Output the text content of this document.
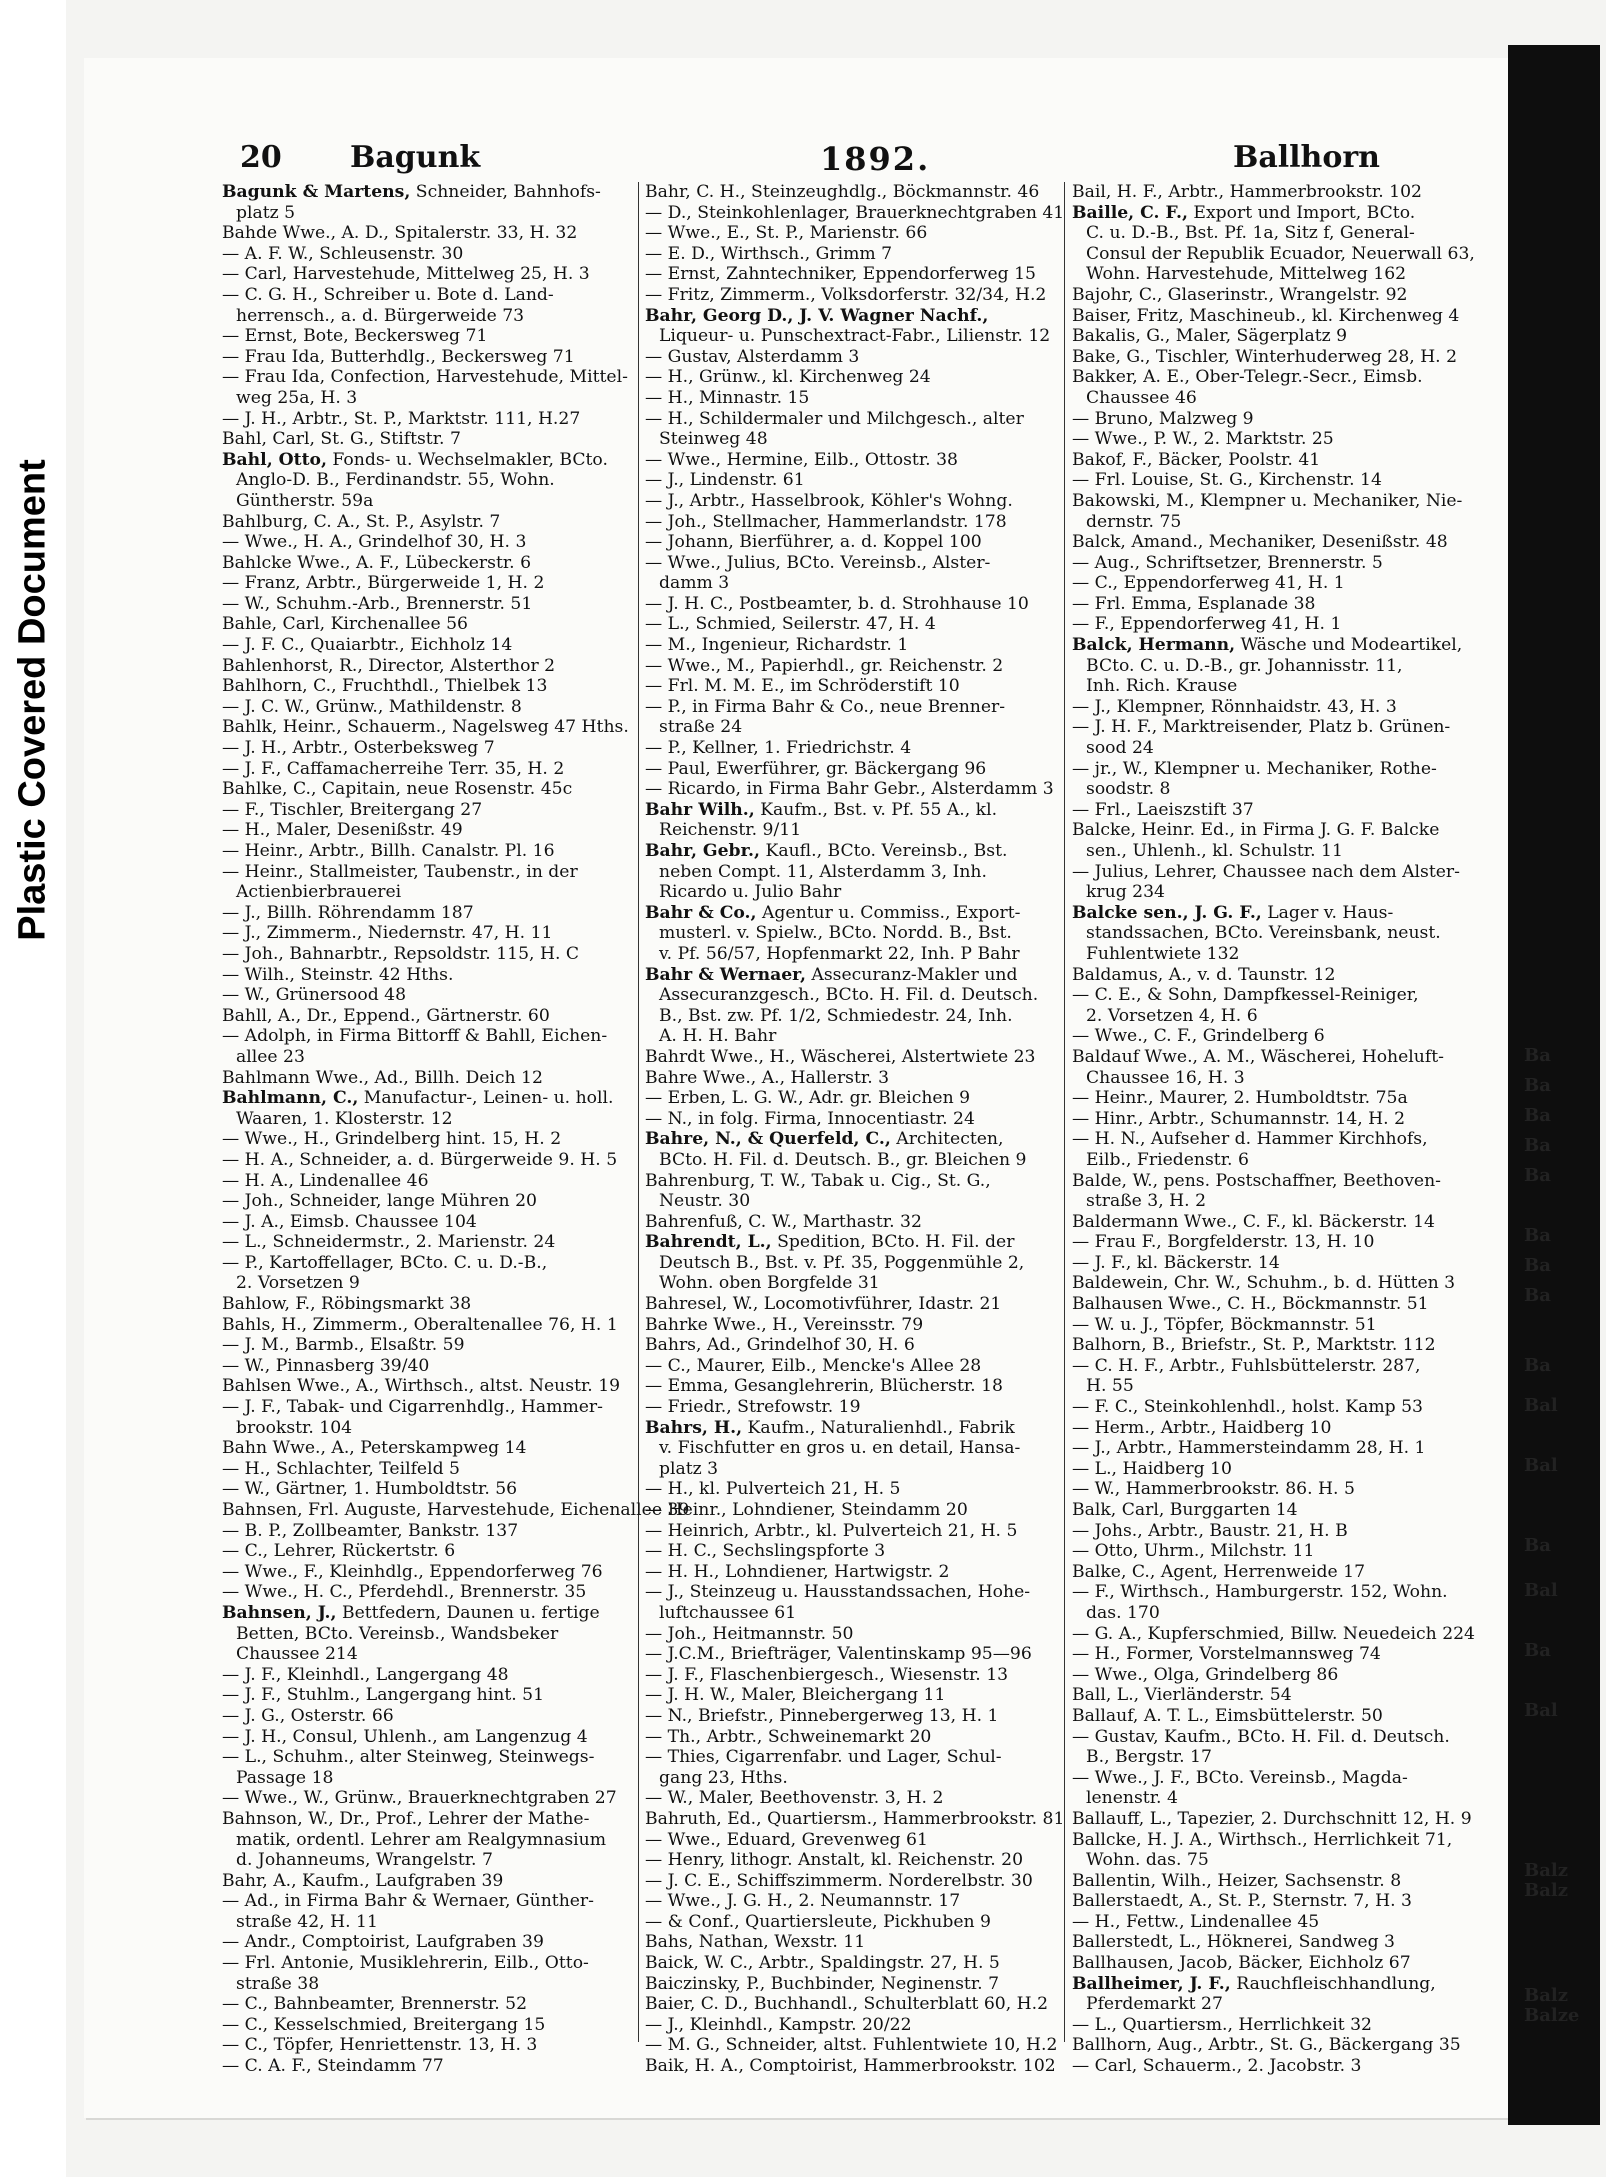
Plastic Covered Document
20 Bagunk	1892.	Ballhorn
Bagunk & Martens, Schneider, Bahnhofs-
platz 5
Bahde Wwe., A. D., Spitalerstr. 33, H. 32
— A. F. W., Schleusenstr. 30
— Carl, Harvestehude, Mittelweg 25, H. 3
— C. G. H., Schreiber u. Bote d. Land-
herrensch., a. d. Bürgerweide 73
— Ernst, Bote, Beckersweg 71
— Frau Ida, Butterhdlg., Beckersweg 71
— Frau Ida, Confection, Harvestehude, Mittel-
weg 25a, H. 3
— J. H., Arbtr., St. P., Marktstr. 111, H.27
Bahl, Carl, St. G., Stiftstr. 7
Bahl, Otto, Fonds- u. Wechselmakler, BCto.
Anglo-D. B., Ferdinandstr. 55, Wohn.
Güntherstr. 59a
Bahlburg, C. A., St. P., Asylstr. 7
— Wwe., H. A., Grindelhof 30, H. 3
Bahlcke Wwe., A. F., Lübeckerstr. 6
— Franz, Arbtr., Bürgerweide 1, H. 2
— W., Schuhm.-Arb., Brennerstr. 51
Bahle, Carl, Kirchenallee 56
— J. F. C., Quaiarbtr., Eichholz 14
Bahlenhorst, R., Director, Alsterthor 2
Bahlhorn, C., Fruchthdl., Thielbek 13
— J. C. W., Grünw., Mathildenstr. 8
Bahlk, Heinr., Schauerm., Nagelsweg 47 Hths.
— J. H., Arbtr., Osterbeksweg 7
— J. F., Caffamacherreihe Terr. 35, H. 2
Bahlke, C., Capitain, neue Rosenstr. 45c
— F., Tischler, Breitergang 27
— H., Maler, Desenißstr. 49
— Heinr., Arbtr., Billh. Canalstr. Pl. 16
— Heinr., Stallmeister, Taubenstr., in der
Actienbierbrauerei
— J., Billh. Röhrendamm 187
— J., Zimmerm., Niedernstr. 47, H. 11
— Joh., Bahnarbtr., Repsoldstr. 115, H. C
— Wilh., Steinstr. 42 Hths.
— W., Grünersood 48
Bahll, A., Dr., Eppend., Gärtnerstr. 60
— Adolph, in Firma Bittorff & Bahll, Eichen-
allee 23
Bahlmann Wwe., Ad., Billh. Deich 12
Bahlmann, C., Manufactur-, Leinen- u. holl.
Waaren, 1. Klosterstr. 12
— Wwe., H., Grindelberg hint. 15, H. 2
— H. A., Schneider, a. d. Bürgerweide 9. H. 5
— H. A., Lindenallee 46
— Joh., Schneider, lange Mühren 20
— J. A., Eimsb. Chaussee 104
— L., Schneidermstr., 2. Marienstr. 24
— P., Kartoffellager, BCto. C. u. D.-B.,
2. Vorsetzen 9
Bahlow, F., Röbingsmarkt 38
Bahls, H., Zimmerm., Oberaltenallee 76, H. 1
— J. M., Barmb., Elsaßtr. 59
— W., Pinnasberg 39/40
Bahlsen Wwe., A., Wirthsch., altst. Neustr. 19
— J. F., Tabak- und Cigarrenhdlg., Hammer-
brookstr. 104
Bahn Wwe., A., Peterskampweg 14
— H., Schlachter, Teilfeld 5
— W., Gärtner, 1. Humboldtstr. 56
Bahnsen, Frl. Auguste, Harvestehude, Eichenallee 39
— B. P., Zollbeamter, Bankstr. 137
— C., Lehrer, Rückertstr. 6
— Wwe., F., Kleinhdlg., Eppendorferweg 76
— Wwe., H. C., Pferdehdl., Brennerstr. 35
Bahnsen, J., Bettfedern, Daunen u. fertige
Betten, BCto. Vereinsb., Wandsbeker
Chaussee 214
— J. F., Kleinhdl., Langergang 48
— J. F., Stuhlm., Langergang hint. 51
— J. G., Osterstr. 66
— J. H., Consul, Uhlenh., am Langenzug 4
— L., Schuhm., alter Steinweg, Steinwegs-
Passage 18
— Wwe., W., Grünw., Brauerknechtgraben 27
Bahnson, W., Dr., Prof., Lehrer der Mathe-
matik, ordentl. Lehrer am Realgymnasium
d. Johanneums, Wrangelstr. 7
Bahr, A., Kaufm., Laufgraben 39
— Ad., in Firma Bahr & Wernaer, Günther-
straße 42, H. 11
— Andr., Comptoirist, Laufgraben 39
— Frl. Antonie, Musiklehrerin, Eilb., Otto-
straße 38
— C., Bahnbeamter, Brennerstr. 52
— C., Kesselschmied, Breitergang 15
— C., Töpfer, Henriettenstr. 13, H. 3
— C. A. F., Steindamm 77
Bahr, C. H., Steinzeughdlg., Böckmannstr. 46
— D., Steinkohlenlager, Brauerknechtgraben 41
— Wwe., E., St. P., Marienstr. 66
— E. D., Wirthsch., Grimm 7
— Ernst, Zahntechniker, Eppendorferweg 15
— Fritz, Zimmerm., Volksdorferstr. 32/34, H.2
Bahr, Georg D., J. V. Wagner Nachf.,
Liqueur- u. Punschextract-Fabr., Lilienstr. 12
— Gustav, Alsterdamm 3
— H., Grünw., kl. Kirchenweg 24
— H., Minnastr. 15
— H., Schildermaler und Milchgesch., alter
Steinweg 48
— Wwe., Hermine, Eilb., Ottostr. 38
— J., Lindenstr. 61
— J., Arbtr., Hasselbrook, Köhler's Wohng.
— Joh., Stellmacher, Hammerlandstr. 178
— Johann, Bierführer, a. d. Koppel 100
— Wwe., Julius, BCto. Vereinsb., Alster-
damm 3
— J. H. C., Postbeamter, b. d. Strohhause 10
— L., Schmied, Seilerstr. 47, H. 4
— M., Ingenieur, Richardstr. 1
— Wwe., M., Papierhdl., gr. Reichenstr. 2
— Frl. M. M. E., im Schröderstift 10
— P., in Firma Bahr & Co., neue Brenner-
straße 24
— P., Kellner, 1. Friedrichstr. 4
— Paul, Ewerführer, gr. Bäckergang 96
— Ricardo, in Firma Bahr Gebr., Alsterdamm 3
Bahr Wilh., Kaufm., Bst. v. Pf. 55 A., kl.
Reichenstr. 9/11
Bahr, Gebr., Kaufl., BCto. Vereinsb., Bst.
neben Compt. 11, Alsterdamm 3, Inh.
Ricardo u. Julio Bahr
Bahr & Co., Agentur u. Commiss., Export-
musterl. v. Spielw., BCto. Nordd. B., Bst.
v. Pf. 56/57, Hopfenmarkt 22, Inh. P Bahr
Bahr & Wernaer, Assecuranz-Makler und
Assecuranzgesch., BCto. H. Fil. d. Deutsch.
B., Bst. zw. Pf. 1/2, Schmiedestr. 24, Inh.
A. H. H. Bahr
Bahrdt Wwe., H., Wäscherei, Alstertwiete 23
Bahre Wwe., A., Hallerstr. 3
— Erben, L. G. W., Adr. gr. Bleichen 9
— N., in folg. Firma, Innocentiastr. 24
Bahre, N., & Querfeld, C., Architecten,
BCto. H. Fil. d. Deutsch. B., gr. Bleichen 9
Bahrenburg, T. W., Tabak u. Cig., St. G.,
Neustr. 30
Bahrenfuß, C. W., Marthastr. 32
Bahrendt, L., Spedition, BCto. H. Fil. der
Deutsch B., Bst. v. Pf. 35, Poggenmühle 2,
Wohn. oben Borgfelde 31
Bahresel, W., Locomotivführer, Idastr. 21
Bahrke Wwe., H., Vereinsstr. 79
Bahrs, Ad., Grindelhof 30, H. 6
— C., Maurer, Eilb., Mencke's Allee 28
— Emma, Gesanglehrerin, Blücherstr. 18
— Friedr., Strefowstr. 19
Bahrs, H., Kaufm., Naturalienhdl., Fabrik
v. Fischfutter en gros u. en detail, Hansa-
platz 3
— H., kl. Pulverteich 21, H. 5
— Heinr., Lohndiener, Steindamm 20
— Heinrich, Arbtr., kl. Pulverteich 21, H. 5
— H. C., Sechslingspforte 3
— H. H., Lohndiener, Hartwigstr. 2
— J., Steinzeug u. Hausstandssachen, Hohe-
luftchaussee 61
— Joh., Heitmannstr. 50
— J.C.M., Briefträger, Valentinskamp 95—96
— J. F., Flaschenbiergesch., Wiesenstr. 13
— J. H. W., Maler, Bleichergang 11
— N., Briefstr., Pinnebergerweg 13, H. 1
— Th., Arbtr., Schweinemarkt 20
— Thies, Cigarrenfabr. und Lager, Schul-
gang 23, Hths.
— W., Maler, Beethovenstr. 3, H. 2
Bahruth, Ed., Quartiersm., Hammerbrookstr. 81
— Wwe., Eduard, Grevenweg 61
— Henry, lithogr. Anstalt, kl. Reichenstr. 20
— J. C. E., Schiffszimmerm. Norderelbstr. 30
— Wwe., J. G. H., 2. Neumannstr. 17
— & Conf., Quartiersleute, Pickhuben 9
Bahs, Nathan, Wexstr. 11
Baick, W. C., Arbtr., Spaldingstr. 27, H. 5
Baiczinsky, P., Buchbinder, Neginenstr. 7
Baier, C. D., Buchhandl., Schulterblatt 60, H.2
— J., Kleinhdl., Kampstr. 20/22
— M. G., Schneider, altst. Fuhlentwiete 10, H.2
Baik, H. A., Comptoirist, Hammerbrookstr. 102
Bail, H. F., Arbtr., Hammerbrookstr. 102
Baille, C. F., Export und Import, BCto.
C. u. D.-B., Bst. Pf. 1a, Sitz f, General-
Consul der Republik Ecuador, Neuerwall 63,
Wohn. Harvestehude, Mittelweg 162
Bajohr, C., Glaserinstr., Wrangelstr. 92
Baiser, Fritz, Maschineub., kl. Kirchenweg 4
Bakalis, G., Maler, Sägerplatz 9
Bake, G., Tischler, Winterhuderweg 28, H. 2
Bakker, A. E., Ober-Telegr.-Secr., Eimsb.
Chaussee 46
— Bruno, Malzweg 9
— Wwe., P. W., 2. Marktstr. 25
Bakof, F., Bäcker, Poolstr. 41
— Frl. Louise, St. G., Kirchenstr. 14
Bakowski, M., Klempner u. Mechaniker, Nie-
dernstr. 75
Balck, Amand., Mechaniker, Desenißstr. 48
— Aug., Schriftsetzer, Brennerstr. 5
— C., Eppendorferweg 41, H. 1
— Frl. Emma, Esplanade 38
— F., Eppendorferweg 41, H. 1
Balck, Hermann, Wäsche und Modeartikel,
BCto. C. u. D.-B., gr. Johannisstr. 11,
Inh. Rich. Krause
— J., Klempner, Rönnhaidstr. 43, H. 3
— J. H. F., Marktreisender, Platz b. Grünen-
sood 24
— jr., W., Klempner u. Mechaniker, Rothe-
soodstr. 8
— Frl., Laeiszstift 37
Balcke, Heinr. Ed., in Firma J. G. F. Balcke
sen., Uhlenh., kl. Schulstr. 11
— Julius, Lehrer, Chaussee nach dem Alster-
krug 234
Balcke sen., J. G. F., Lager v. Haus-
standssachen, BCto. Vereinsbank, neust.
Fuhlentwiete 132
Baldamus, A., v. d. Taunstr. 12
— C. E., & Sohn, Dampfkessel-Reiniger,
2. Vorsetzen 4, H. 6
— Wwe., C. F., Grindelberg 6
Baldauf Wwe., A. M., Wäscherei, Hoheluft-
Chaussee 16, H. 3
— Heinr., Maurer, 2. Humboldtstr. 75a
— Hinr., Arbtr., Schumannstr. 14, H. 2
— H. N., Aufseher d. Hammer Kirchhofs,
Eilb., Friedenstr. 6
Balde, W., pens. Postschaffner, Beethoven-
straße 3, H. 2
Baldermann Wwe., C. F., kl. Bäckerstr. 14
— Frau F., Borgfelderstr. 13, H. 10
— J. F., kl. Bäckerstr. 14
Baldewein, Chr. W., Schuhm., b. d. Hütten 3
Balhausen Wwe., C. H., Böckmannstr. 51
— W. u. J., Töpfer, Böckmannstr. 51
Balhorn, B., Briefstr., St. P., Marktstr. 112
— C. H. F., Arbtr., Fuhlsbüttelerstr. 287,
H. 55
— F. C., Steinkohlenhdl., holst. Kamp 53
— Herm., Arbtr., Haidberg 10
— J., Arbtr., Hammersteindamm 28, H. 1
— L., Haidberg 10
— W., Hammerbrookstr. 86. H. 5
Balk, Carl, Burggarten 14
— Johs., Arbtr., Baustr. 21, H. B
— Otto, Uhrm., Milchstr. 11
Balke, C., Agent, Herrenweide 17
— F., Wirthsch., Hamburgerstr. 152, Wohn.
das. 170
— G. A., Kupferschmied, Billw. Neuedeich 224
— H., Former, Vorstelmannsweg 74
— Wwe., Olga, Grindelberg 86
Ball, L., Vierländerstr. 54
Ballauf, A. T. L., Eimsbüttelerstr. 50
— Gustav, Kaufm., BCto. H. Fil. d. Deutsch.
B., Bergstr. 17
— Wwe., J. F., BCto. Vereinsb., Magda-
lenenstr. 4
Ballauff, L., Tapezier, 2. Durchschnitt 12, H. 9
Ballcke, H. J. A., Wirthsch., Herrlichkeit 71,
Wohn. das. 75
Ballentin, Wilh., Heizer, Sachsenstr. 8
Ballerstaedt, A., St. P., Sternstr. 7, H. 3
— H., Fettw., Lindenallee 45
Ballerstedt, L., Höknerei, Sandweg 3
Ballhausen, Jacob, Bäcker, Eichholz 67
Ballheimer, J. F., Rauchfleischhandlung,
Pferdemarkt 27
— L., Quartiersm., Herrlichkeit 32
Ballhorn, Aug., Arbtr., St. G., Bäckergang 35
— Carl, Schauerm., 2. Jacobstr. 3
Ba
Ba
Ba
Ba
Ba
Ba
Ba
Ba
Ba
Bal
Bal
Ba
Bal
Ba
Bal
Balz
Balz
Balz
Balze
